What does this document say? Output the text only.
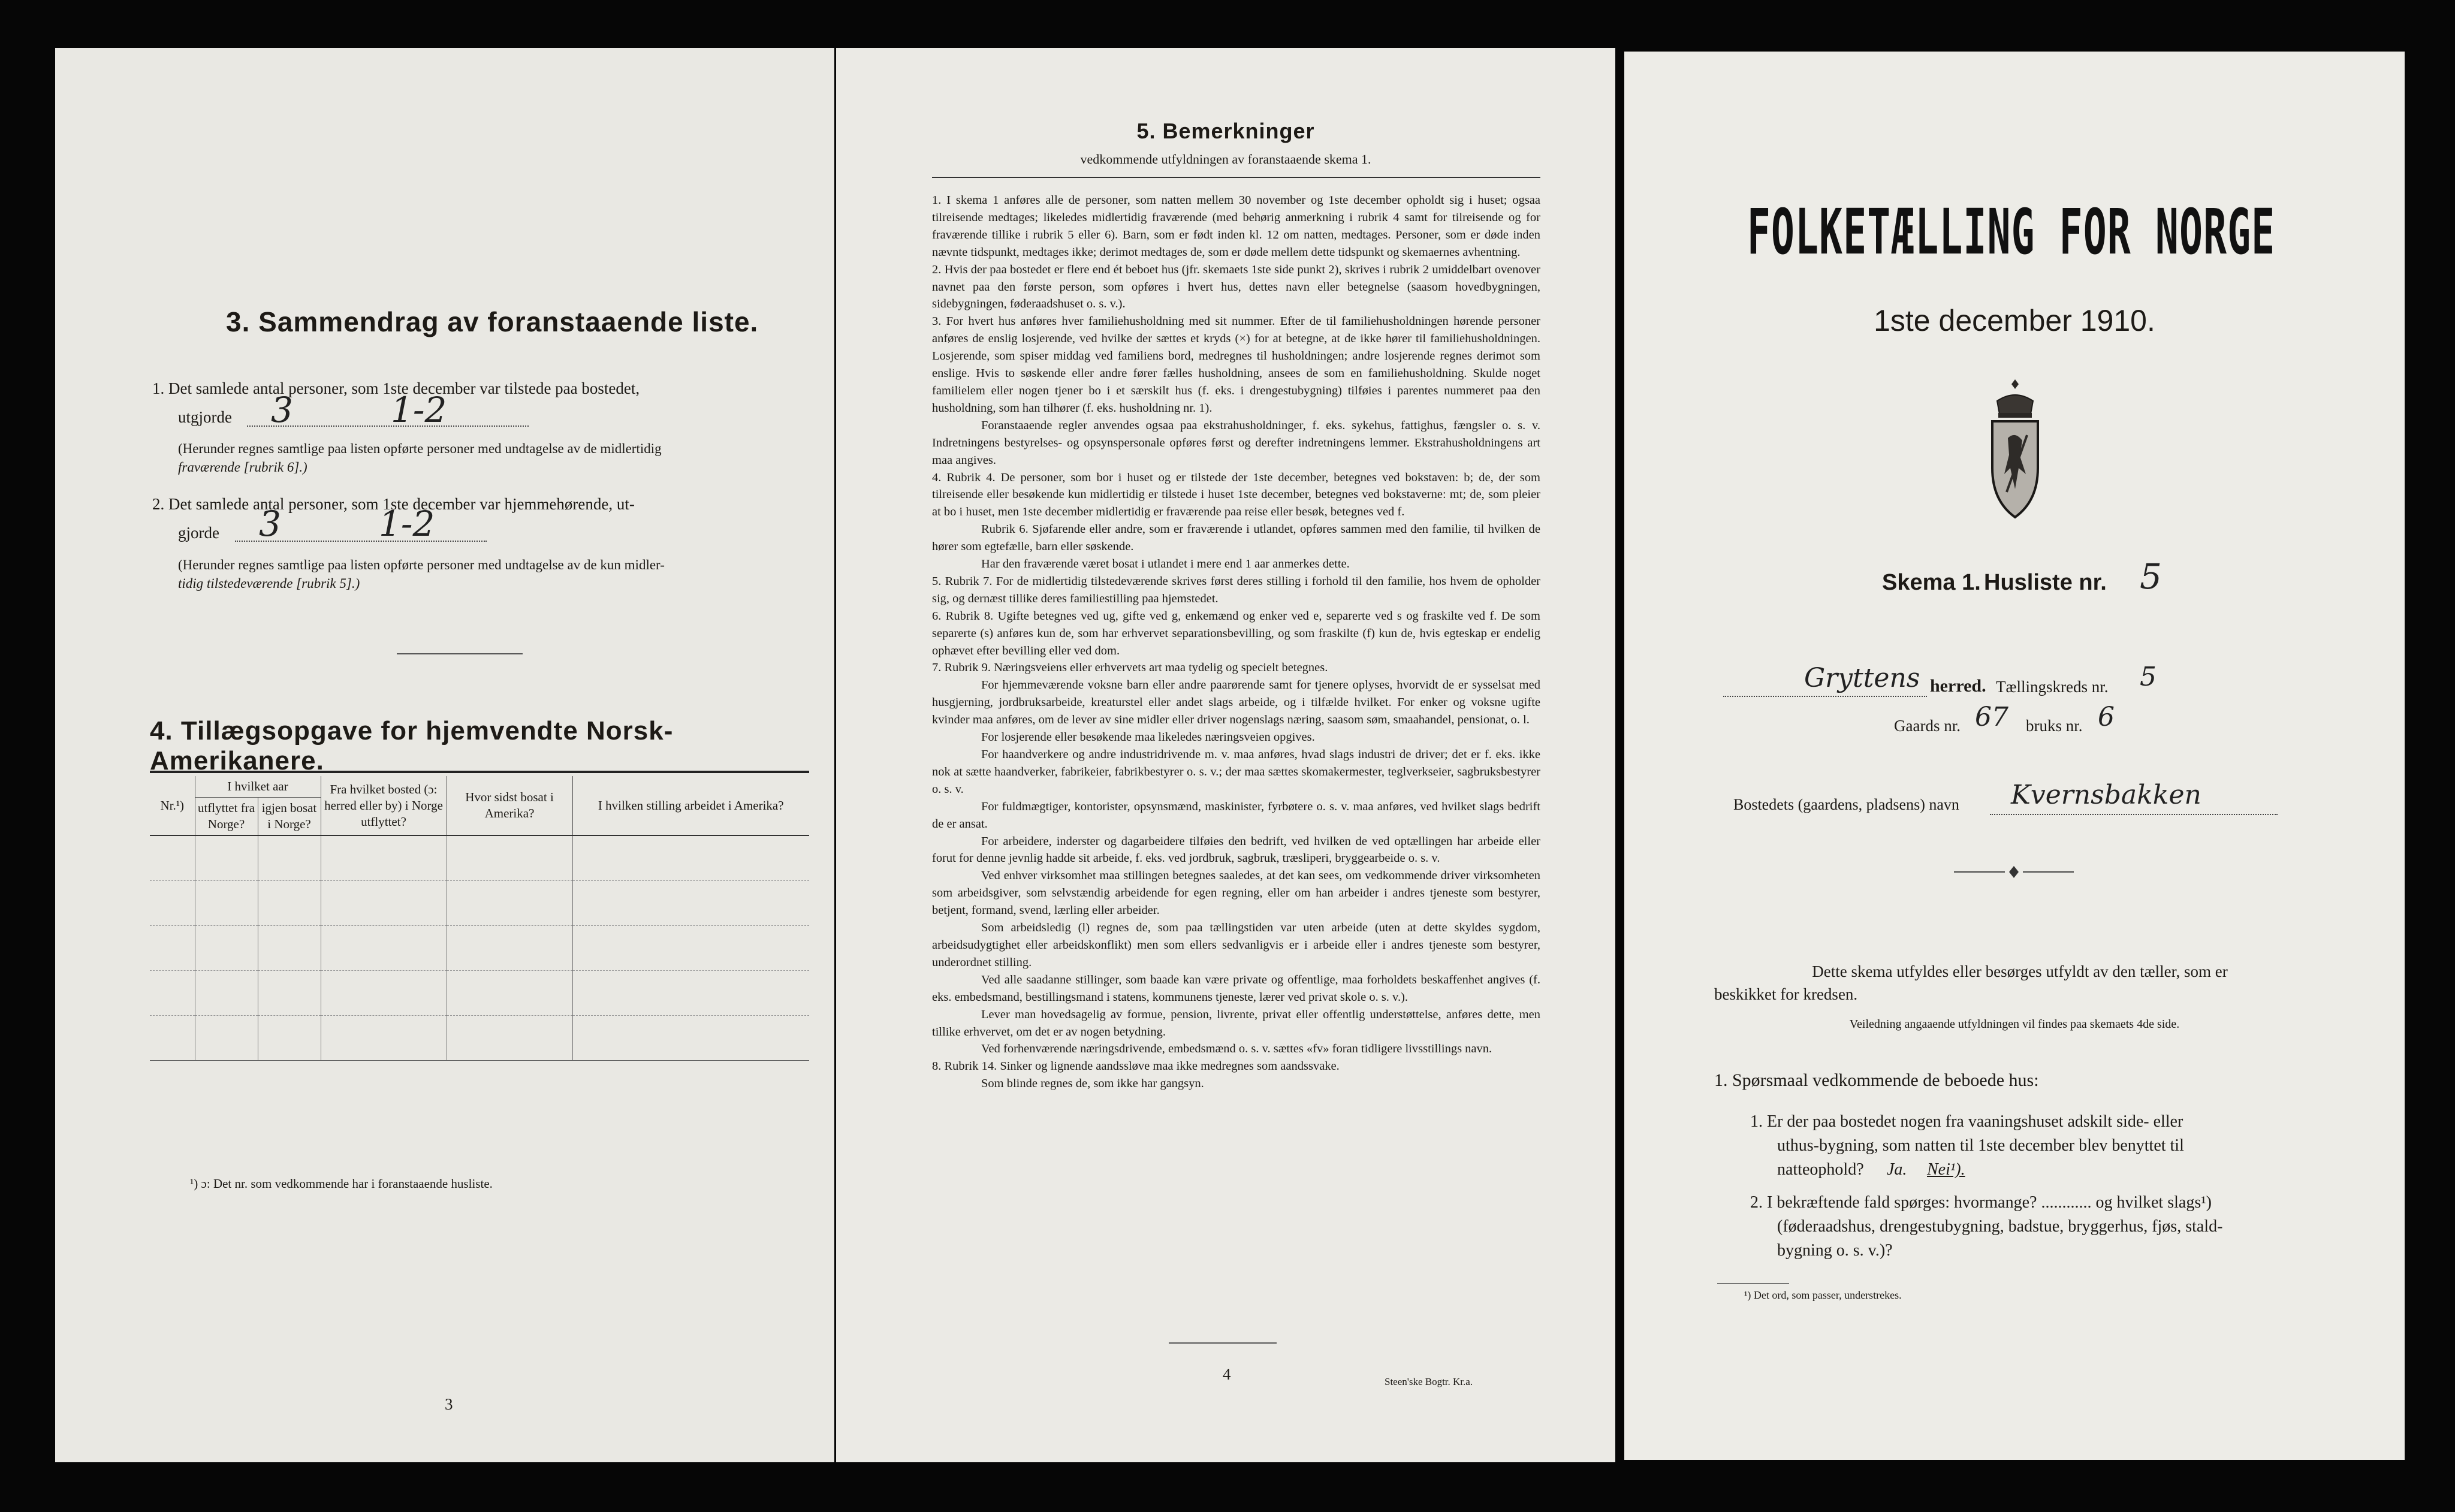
3. Sammendrag av foranstaaende liste.
1. Det samlede antal personer, som 1ste december var tilstede paa bostedet,
utgjorde 3	1-2
(Herunder regnes samtlige paa listen opførte personer med undtagelse av de midlertidig
fraværende [rubrik 6].)
2. Det samlede antal personer, som 1ste december var hjemmehørende, ut-
gjorde 3	1-2
(Herunder regnes samtlige paa listen opførte personer med undtagelse av de kun midler-
tidig tilstedeværende [rubrik 5].)
4. Tillægsopgave for hjemvendte Norsk-Amerikanere.
Nr.¹)	I hvilket aar		Fra hvilket bosted (ɔ: herred eller by) i Norge utflyttet?	Hvor sidst bosat i Amerika?	I hvilken stilling arbeidet i Amerika?
	utflyttet fra Norge?	igjen bosat i Norge?			

¹) ɔ: Det nr. som vedkommende har i foranstaaende husliste.
3
5. Bemerkninger
vedkommende utfyldningen av foranstaaende skema 1.

1. I skema 1 anføres alle de personer, som natten mellem 30 november og 1ste december opholdt sig i huset; ogsaa tilreisende medtages; likeledes midlertidig fraværende (med behørig anmerkning i rubrik 4 samt for tilreisende og for fraværende tillike i rubrik 5 eller 6). Barn, som er født inden kl. 12 om natten, medtages. Personer, som er døde inden nævnte tidspunkt, medtages ikke; derimot medtages de, som er døde mellem dette tidspunkt og skemaernes avhentning.

2. Hvis der paa bostedet er flere end ét beboet hus (jfr. skemaets 1ste side punkt 2), skrives i rubrik 2 umiddelbart ovenover navnet paa den første person, som opføres i hvert hus, dettes navn eller betegnelse (saasom hovedbygningen, sidebygningen, føderaadshuset o. s. v.).

3. For hvert hus anføres hver familiehusholdning med sit nummer. Efter de til familiehusholdningen hørende personer anføres de enslig losjerende, ved hvilke der sættes et kryds (×) for at betegne, at de ikke hører til familiehusholdningen. Losjerende, som spiser middag ved familiens bord, medregnes til husholdningen; andre losjerende regnes derimot som enslige. Hvis to søskende eller andre fører fælles husholdning, ansees de som en familiehusholdning. Skulde noget familielem eller nogen tjener bo i et særskilt hus (f. eks. i drengestubygning) tilføies i parentes nummeret paa den husholdning, som han tilhører (f. eks. husholdning nr. 1).

Foranstaaende regler anvendes ogsaa paa ekstrahusholdninger, f. eks. sykehus, fattighus, fængsler o. s. v. Indretningens bestyrelses- og opsynspersonale opføres først og derefter indretningens lemmer. Ekstrahusholdningens art maa angives.

4. Rubrik 4. De personer, som bor i huset og er tilstede der 1ste december, betegnes ved bokstaven: b; de, der som tilreisende eller besøkende kun midlertidig er tilstede i huset 1ste december, betegnes ved bokstaverne: mt; de, som pleier at bo i huset, men 1ste december midlertidig er fraværende paa reise eller besøk, betegnes ved f.

Rubrik 6. Sjøfarende eller andre, som er fraværende i utlandet, opføres sammen med den familie, til hvilken de hører som egtefælle, barn eller søskende.

Har den fraværende været bosat i utlandet i mere end 1 aar anmerkes dette.

5. Rubrik 7. For de midlertidig tilstedeværende skrives først deres stilling i forhold til den familie, hos hvem de opholder sig, og dernæst tillike deres familiestilling paa hjemstedet.

6. Rubrik 8. Ugifte betegnes ved ug, gifte ved g, enkemænd og enker ved e, separerte ved s og fraskilte ved f. De som separerte (s) anføres kun de, som har erhvervet separationsbevilling, og som fraskilte (f) kun de, hvis egteskap er endelig ophævet efter bevilling eller ved dom.

7. Rubrik 9. Næringsveiens eller erhvervets art maa tydelig og specielt betegnes.

For hjemmeværende voksne barn eller andre paarørende samt for tjenere oplyses, hvorvidt de er sysselsat med husgjerning, jordbruksarbeide, kreaturstel eller andet slags arbeide, og i tilfælde hvilket. For enker og voksne ugifte kvinder maa anføres, om de lever av sine midler eller driver nogenslags næring, saasom søm, smaahandel, pensionat, o. l.

For losjerende eller besøkende maa likeledes næringsveien opgives.

For haandverkere og andre industridrivende m. v. maa anføres, hvad slags industri de driver; det er f. eks. ikke nok at sætte haandverker, fabrikeier, fabrikbestyrer o. s. v.; der maa sættes skomakermester, teglverkseier, sagbruksbestyrer o. s. v.

For fuldmægtiger, kontorister, opsynsmænd, maskinister, fyrbøtere o. s. v. maa anføres, ved hvilket slags bedrift de er ansat.

For arbeidere, inderster og dagarbeidere tilføies den bedrift, ved hvilken de ved optællingen har arbeide eller forut for denne jevnlig hadde sit arbeide, f. eks. ved jordbruk, sagbruk, træsliperi, bryggearbeide o. s. v.

Ved enhver virksomhet maa stillingen betegnes saaledes, at det kan sees, om vedkommende driver virksomheten som arbeidsgiver, som selvstændig arbeidende for egen regning, eller om han arbeider i andres tjeneste som bestyrer, betjent, formand, svend, lærling eller arbeider.

Som arbeidsledig (l) regnes de, som paa tællingstiden var uten arbeide (uten at dette skyldes sygdom, arbeidsudygtighet eller arbeidskonflikt) men som ellers sedvanligvis er i arbeide eller i andres tjeneste som bestyrer, underordnet stilling.

Ved alle saadanne stillinger, som baade kan være private og offentlige, maa forholdets beskaffenhet angives (f. eks. embedsmand, bestillingsmand i statens, kommunens tjeneste, lærer ved privat skole o. s. v.).

Lever man hovedsagelig av formue, pension, livrente, privat eller offentlig understøttelse, anføres dette, men tillike erhvervet, om det er av nogen betydning.

Ved forhenværende næringsdrivende, embedsmænd o. s. v. sættes «fv» foran tidligere livsstillings navn.

8. Rubrik 14. Sinker og lignende aandssløve maa ikke medregnes som aandssvake.

Som blinde regnes de, som ikke har gangsyn.

4	Steen'ske Bogtr. Kr.a.
FOLKETÆLLING FOR NORGE
1ste december 1910.
Skema 1. Husliste nr. 5
Gryttens herred. Tællingskreds nr. 5
Gaards nr. 67 bruks nr. 6
Bostedets (gaardens, pladsens) navn Kvernsbakken
Dette skema utfyldes eller besørges utfyldt av den tæller, som er
beskikket for kredsen.
Veiledning angaaende utfyldningen vil findes paa skemaets 4de side.
1. Spørsmaal vedkommende de beboede hus:
1. Er der paa bostedet nogen fra vaaningshuset adskilt side- eller
uthus-bygning, som natten til 1ste december blev benyttet til
natteophold? Ja. Nei¹).
2. I bekræftende fald spørges: hvormange? ............ og hvilket slags¹)
(føderaadshus, drengestubygning, badstue, bryggerhus, fjøs, stald-
bygning o. s. v.)?
¹) Det ord, som passer, understrekes.
